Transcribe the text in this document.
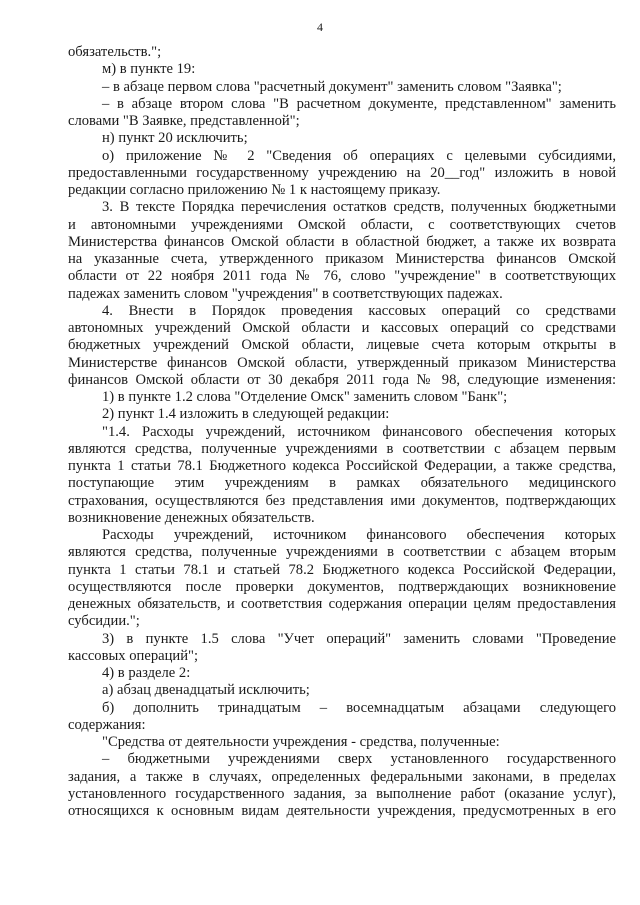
4
обязательств.";
м) в пункте 19:
– в абзаце первом слова "расчетный документ" заменить словом "Заявка";
– в абзаце втором слова "В расчетном документе, представленном" заменить
словами "В Заявке, представленной";
н) пункт 20 исключить;
о) приложение № 2 "Сведения об операциях с целевыми субсидиями,
предоставленными государственному учреждению на 20__год" изложить в новой
редакции согласно приложению № 1 к настоящему приказу.
3. В тексте Порядка перечисления остатков средств, полученных бюджетными
и автономными учреждениями Омской области, с соответствующих счетов
Министерства финансов Омской области в областной бюджет, а также их возврата
на указанные счета, утвержденного приказом Министерства финансов Омской
области от 22 ноября 2011 года № 76, слово "учреждение" в соответствующих
падежах заменить словом "учреждения" в соответствующих падежах.
4. Внести в Порядок проведения кассовых операций со средствами
автономных учреждений Омской области и кассовых операций со средствами
бюджетных учреждений Омской области, лицевые счета которым открыты в
Министерстве финансов Омской области, утвержденный приказом Министерства
финансов Омской области от 30 декабря 2011 года № 98, следующие изменения:
1) в пункте 1.2 слова "Отделение Омск" заменить словом "Банк";
2) пункт 1.4 изложить в следующей редакции:
"1.4. Расходы учреждений, источником финансового обеспечения которых
являются средства, полученные учреждениями в соответствии с абзацем первым
пункта 1 статьи 78.1 Бюджетного кодекса Российской Федерации, а также средства,
поступающие этим учреждениям в рамках обязательного медицинского
страхования, осуществляются без представления ими документов, подтверждающих
возникновение денежных обязательств.
Расходы учреждений, источником финансового обеспечения которых
являются средства, полученные учреждениями в соответствии с абзацем вторым
пункта 1 статьи 78.1 и статьей 78.2 Бюджетного кодекса Российской Федерации,
осуществляются после проверки документов, подтверждающих возникновение
денежных обязательств, и соответствия содержания операции целям предоставления
субсидии.";
3) в пункте 1.5 слова "Учет операций" заменить словами "Проведение
кассовых операций";
4) в разделе 2:
а) абзац двенадцатый исключить;
б) дополнить тринадцатым – восемнадцатым абзацами следующего
содержания:
"Средства от деятельности учреждения - средства, полученные:
– бюджетными учреждениями сверх установленного государственного
задания, а также в случаях, определенных федеральными законами, в пределах
установленного государственного задания, за выполнение работ (оказание услуг),
относящихся к основным видам деятельности учреждения, предусмотренных в его
